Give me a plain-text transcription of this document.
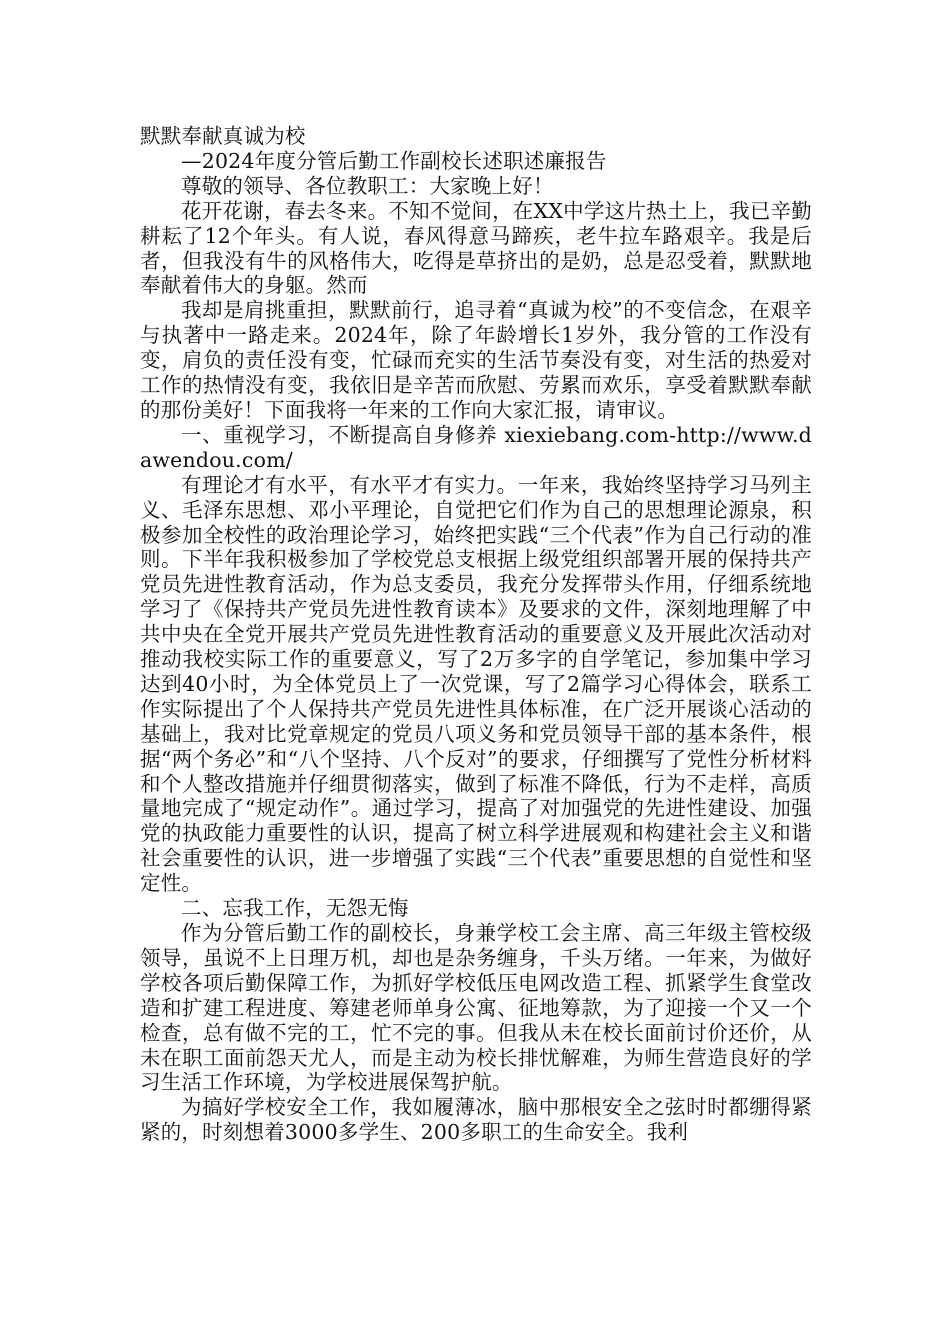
默默奉献真诚为校

—2024年度分管后勤工作副校长述职述廉报告

尊敬的领导、各位教职工：大家晚上好！

花开花谢，春去冬来。不知不觉间，在XX中学这片热土上，我已辛勤耕耘了12个年头。有人说，春风得意马蹄疾，老牛拉车路艰辛。我是后者，但我没有牛的风格伟大，吃得是草挤出的是奶，总是忍受着，默默地奉献着伟大的身躯。然而

我却是肩挑重担，默默前行，追寻着“真诚为校”的不变信念，在艰辛与执著中一路走来。2024年，除了年龄增长1岁外，我分管的工作没有变，肩负的责任没有变，忙碌而充实的生活节奏没有变，对生活的热爱对工作的热情没有变，我依旧是辛苦而欣慰、劳累而欢乐，享受着默默奉献的那份美好！下面我将一年来的工作向大家汇报，请审议。

一、重视学习，不断提高自身修养 xiexiebang.com-http://www.dawendou.com/

有理论才有水平，有水平才有实力。一年来，我始终坚持学习马列主义、毛泽东思想、邓小平理论，自觉把它们作为自己的思想理论源泉，积极参加全校性的政治理论学习，始终把实践“三个代表”作为自己行动的准则。下半年我积极参加了学校党总支根据上级党组织部署开展的保持共产党员先进性教育活动，作为总支委员，我充分发挥带头作用，仔细系统地学习了《保持共产党员先进性教育读本》及要求的文件，深刻地理解了中共中央在全党开展共产党员先进性教育活动的重要意义及开展此次活动对推动我校实际工作的重要意义，写了2万多字的自学笔记，参加集中学习达到40小时，为全体党员上了一次党课，写了2篇学习心得体会，联系工作实际提出了个人保持共产党员先进性具体标准，在广泛开展谈心活动的基础上，我对比党章规定的党员八项义务和党员领导干部的基本条件，根据“两个务必”和“八个坚持、八个反对”的要求，仔细撰写了党性分析材料和个人整改措施并仔细贯彻落实，做到了标准不降低，行为不走样，高质量地完成了“规定动作”。通过学习，提高了对加强党的先进性建设、加强党的执政能力重要性的认识，提高了树立科学进展观和构建社会主义和谐社会重要性的认识，进一步增强了实践“三个代表”重要思想的自觉性和坚定性。

二、忘我工作，无怨无悔

作为分管后勤工作的副校长，身兼学校工会主席、高三年级主管校级领导，虽说不上日理万机，却也是杂务缠身，千头万绪。一年来，为做好学校各项后勤保障工作，为抓好学校低压电网改造工程、抓紧学生食堂改造和扩建工程进度、筹建老师单身公寓、征地筹款，为了迎接一个又一个检查，总有做不完的工，忙不完的事。但我从未在校长面前讨价还价，从未在职工面前怨天尤人，而是主动为校长排忧解难，为师生营造良好的学习生活工作环境，为学校进展保驾护航。

为搞好学校安全工作，我如履薄冰，脑中那根安全之弦时时都绷得紧紧的，时刻想着3000多学生、200多职工的生命安全。我利
